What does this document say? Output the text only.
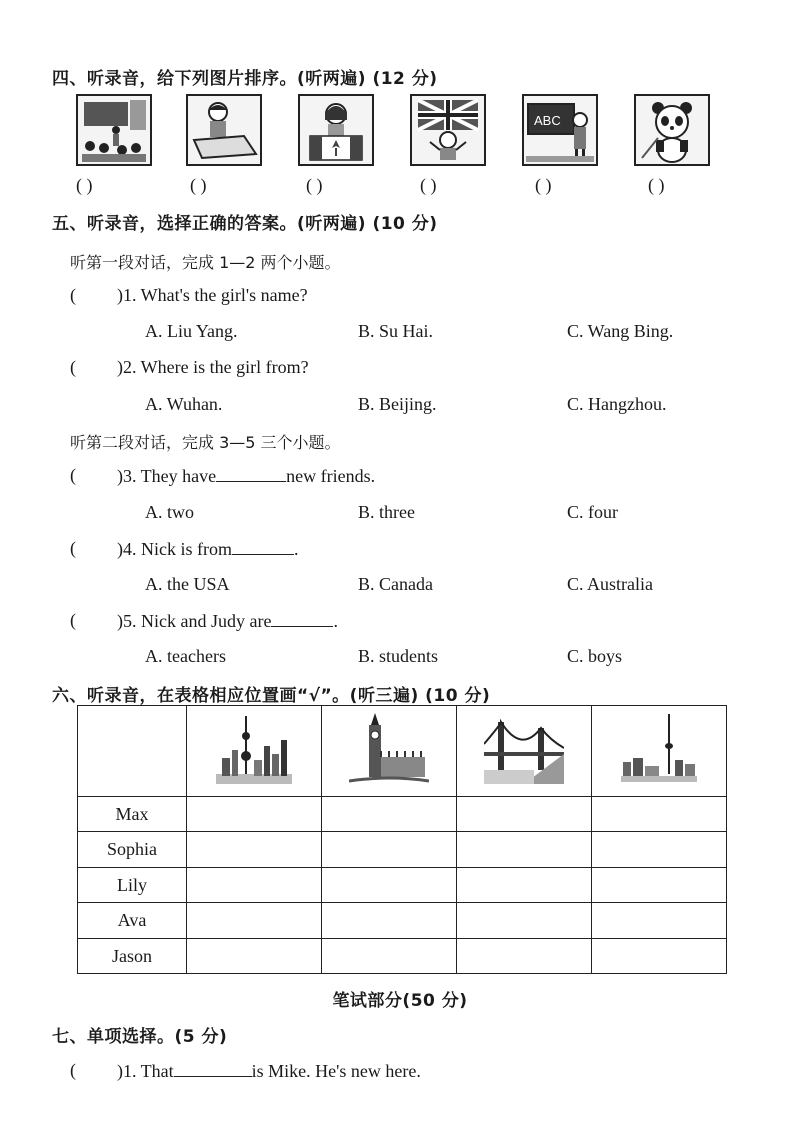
四、听录音，给下列图片排序。(听两遍) (12 分)
ABC
( )	( )	( )	( )	( )	( )
五、听录音，选择正确的答案。(听两遍) (10 分)
听第一段对话，完成 1—2 两个小题。
( )1. What's the girl's name?
A. Liu Yang.	B. Su Hai.	C. Wang Bing.
( )2. Where is the girl from?
A. Wuhan.	B. Beijing.	C. Hangzhou.
听第二段对话，完成 3—5 三个小题。
( )3. They have	new friends.
A. two	B. three	C. four
( )4. Nick is from	.
A. the USA	B. Canada	C. Australia
( )5. Nick and Judy are	.
A. teachers	B. students	C. boys
六、听录音，在表格相应位置画“√”。(听三遍) (10 分)

Max				
Sophia				
Lily				
Ava				
Jason				
笔试部分(50 分)
七、单项选择。(5 分)
( )1. That	is Mike. He's new here.
